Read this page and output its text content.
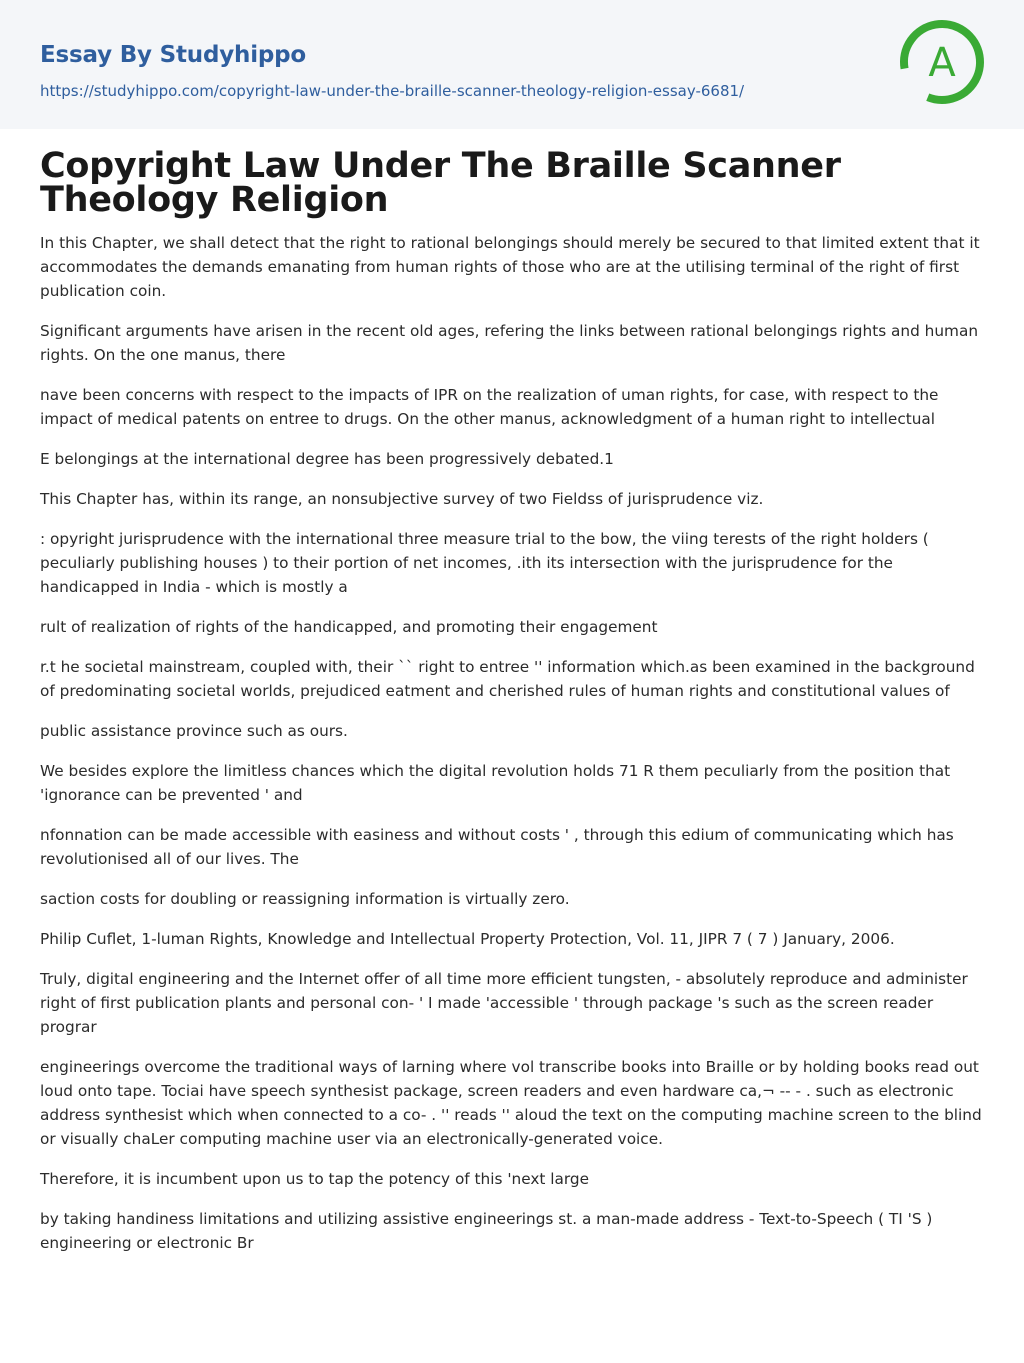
Essay By Studyhippo
https://studyhippo.com/copyright-law-under-the-braille-scanner-theology-religion-essay-6681/
A
Copyright Law Under The Braille Scanner Theology Religion

In this Chapter, we shall detect that the right to rational belongings should merely be secured to that limited extent that it accommodates the demands emanating from human rights of those who are at the utilising terminal of the right of first publication coin.

Significant arguments have arisen in the recent old ages, refering the links between rational belongings rights and human rights. On the one manus, there

nave been concerns with respect to the impacts of IPR on the realization of uman rights, for case, with respect to the impact of medical patents on entree to drugs. On the other manus, acknowledgment of a human right to intellectual

E belongings at the international degree has been progressively debated.1

This Chapter has, within its range, an nonsubjective survey of two Fieldss of jurisprudence viz.

: opyright jurisprudence with the international three measure trial to the bow, the viing terests of the right holders ( peculiarly publishing houses ) to their portion of net incomes, .ith its intersection with the jurisprudence for the handicapped in India - which is mostly a

rult of realization of rights of the handicapped, and promoting their engagement

r.t he societal mainstream, coupled with, their `` right to entree '' information which.as been examined in the background of predominating societal worlds, prejudiced eatment and cherished rules of human rights and constitutional values of

public assistance province such as ours.

We besides explore the limitless chances which the digital revolution holds 71 R them peculiarly from the position that 'ignorance can be prevented ' and

nfonnation can be made accessible with easiness and without costs ' , through this edium of communicating which has revolutionised all of our lives. The

saction costs for doubling or reassigning information is virtually zero.

Philip Cuflet, 1-luman Rights, Knowledge and Intellectual Property Protection, Vol. 11, JIPR 7 ( 7 ) January, 2006.

Truly, digital engineering and the Internet offer of all time more efficient tungsten, - absolutely reproduce and administer right of first publication plants and personal con- ' I made 'accessible ' through package 's such as the screen reader prograr

engineerings overcome the traditional ways of larning where vol transcribe books into Braille or by holding books read out loud onto tape. Tociai have speech synthesist package, screen readers and even hardware ca,¬ -- - . such as electronic address synthesist which when connected to a co- . '' reads '' aloud the text on the computing machine screen to the blind or visually chaLer computing machine user via an electronically-generated voice.

Therefore, it is incumbent upon us to tap the potency of this 'next large

by taking handiness limitations and utilizing assistive engineerings st. a man-made address - Text-to-Speech ( TI 'S ) engineering or electronic Br
